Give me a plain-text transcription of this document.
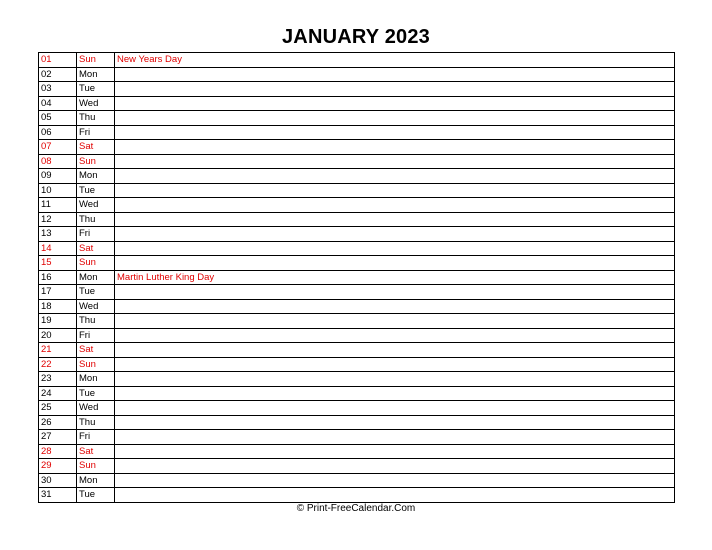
JANUARY 2023
01	Sun	New Years Day
02	Mon	
03	Tue	
04	Wed	
05	Thu	
06	Fri	
07	Sat	
08	Sun	
09	Mon	
10	Tue	
11	Wed	
12	Thu	
13	Fri	
14	Sat	
15	Sun	
16	Mon	Martin Luther King Day
17	Tue	
18	Wed	
19	Thu	
20	Fri	
21	Sat	
22	Sun	
23	Mon	
24	Tue	
25	Wed	
26	Thu	
27	Fri	
28	Sat	
29	Sun	
30	Mon	
31	Tue	
© Print-FreeCalendar.Com
